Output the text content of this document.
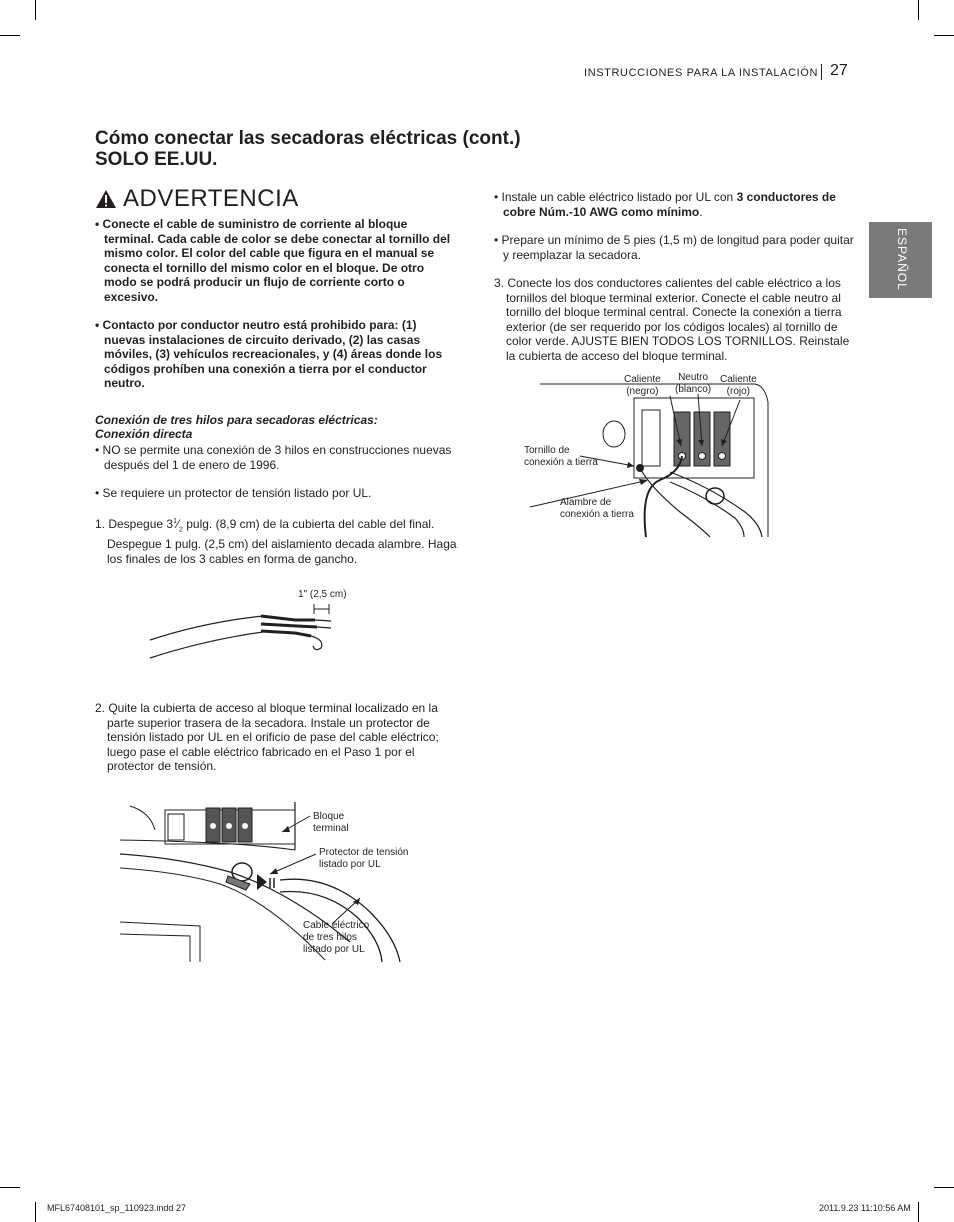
INSTRUCCIONES PARA LA INSTALACIÓN 27
ESPAÑOL
Cómo conectar las secadoras eléctricas (cont.)
SOLO EE.UU.
ADVERTENCIA

• Conecte el cable de suministro de corriente al bloque terminal. Cada cable de color se debe conectar al tornillo del mismo color. El color del cable que figura en el manual se conecta el tornillo del mismo color en el bloque. De otro modo se podrá producir un flujo de corriente corto o excesivo.

• Contacto por conductor neutro está prohibido para: (1) nuevas instalaciones de circuito derivado, (2) las casas móviles, (3) vehículos recreacionales, y (4) áreas donde los códigos prohíben una conexión a tierra por el conductor neutro.

Conexión de tres hilos para secadoras eléctricas:
Conexión directa

• NO se permite una conexión de 3 hilos en construcciones nuevas después del 1 de enero de 1996.

• Se requiere un protector de tensión listado por UL.

1. Despegue $3^1⁄_2$ pulg. (8,9 cm) de la cubierta del cable del final. Despegue 1 pulg. (2,5 cm) del aislamiento decada alambre. Haga los finales de los 3 cables en forma de gancho.

1" (2,5 cm)

2. Quite la cubierta de acceso al bloque terminal localizado en la parte superior trasera de la secadora. Instale un protector de tensión listado por UL en el orificio de pase del cable eléctrico; luego pase el cable eléctrico fabricado en el Paso 1 por el protector de tensión.

Bloque
terminal
Protector de tensión
listado por UL
Cable eléctrico
de tres hilos
listado por UL

• Instale un cable eléctrico listado por UL con 3 conductores de cobre Núm.-10 AWG como mínimo.

• Prepare un mínimo de 5 pies (1,5 m) de longitud para poder quitar y reemplazar la secadora.

3. Conecte los dos conductores calientes del cable eléctrico a los tornillos del bloque terminal exterior. Conecte el cable neutro al tornillo del bloque terminal central. Conecte la conexión a tierra exterior (de ser requerido por los códigos locales) al tornillo de color verde. AJUSTE BIEN TODOS LOS TORNILLOS. Reinstale la cubierta de acceso del bloque terminal.

Caliente
(negro)
Neutro
(blanco)
Caliente
(rojo)
Tornillo de
conexión a tierra
Alambre de
conexión a tierra
MFL67408101_sp_110923.indd 27	2011.9.23 11:10:56 AM
